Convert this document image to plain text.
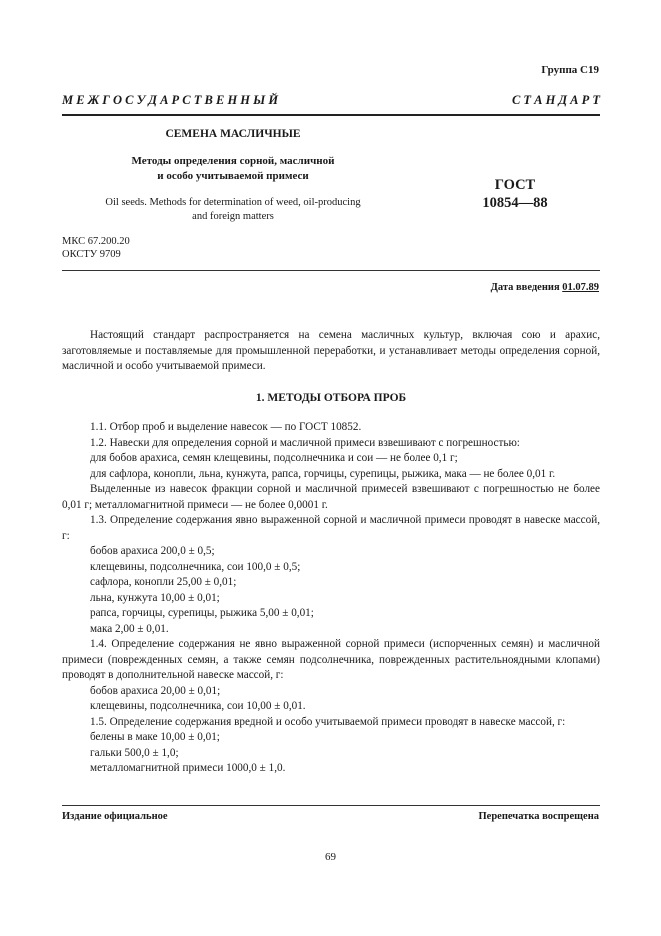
Группа С19
М Е Ж Г О С У Д А Р С Т В Е Н Н Ы Й	С Т А Н Д А Р Т
СЕМЕНА МАСЛИЧНЫЕ
Методы определения сорной, масличной
и особо учитываемой примеси
Oil seeds. Methods for determination of weed, oil-producing
and foreign matters
ГОСТ
10854—88
МКС 67.200.20
ОКСТУ 9709
Дата введения 01.07.89

Настоящий стандарт распространяется на семена масличных культур, включая сою и арахис, заготовляемые и поставляемые для промышленной переработки, и устанавливает методы определения сорной, масличной и особо учитываемой примеси.

1. МЕТОДЫ ОТБОРА ПРОБ

1.1. Отбор проб и выделение навесок — по ГОСТ 10852.

1.2. Навески для определения сорной и масличной примеси взвешивают с погрешностью:

для бобов арахиса, семян клещевины, подсолнечника и сои — не более 0,1 г;

для сафлора, конопли, льна, кунжута, рапса, горчицы, сурепицы, рыжика, мака — не более 0,01 г.

Выделенные из навесок фракции сорной и масличной примесей взвешивают с погрешностью не более 0,01 г; металломагнитной примеси — не более 0,0001 г.

1.3. Определение содержания явно выраженной сорной и масличной примеси проводят в навеске массой, г:

бобов арахиса 200,0 ± 0,5;

клещевины, подсолнечника, сои 100,0 ± 0,5;

сафлора, конопли 25,00 ± 0,01;

льна, кунжута 10,00 ± 0,01;

рапса, горчицы, сурепицы, рыжика 5,00 ± 0,01;

мака 2,00 ± 0,01.

1.4. Определение содержания не явно выраженной сорной примеси (испорченных семян) и масличной примеси (поврежденных семян, а также семян подсолнечника, поврежденных растительноядными клопами) проводят в дополнительной навеске массой, г:

бобов арахиса 20,00 ± 0,01;

клещевины, подсолнечника, сои 10,00 ± 0,01.

1.5. Определение содержания вредной и особо учитываемой примеси проводят в навеске массой, г:

белены в маке 10,00 ± 0,01;

гальки 500,0 ± 1,0;

металломагнитной примеси 1000,0 ± 1,0.

Издание официальное	Перепечатка воспрещена
69
